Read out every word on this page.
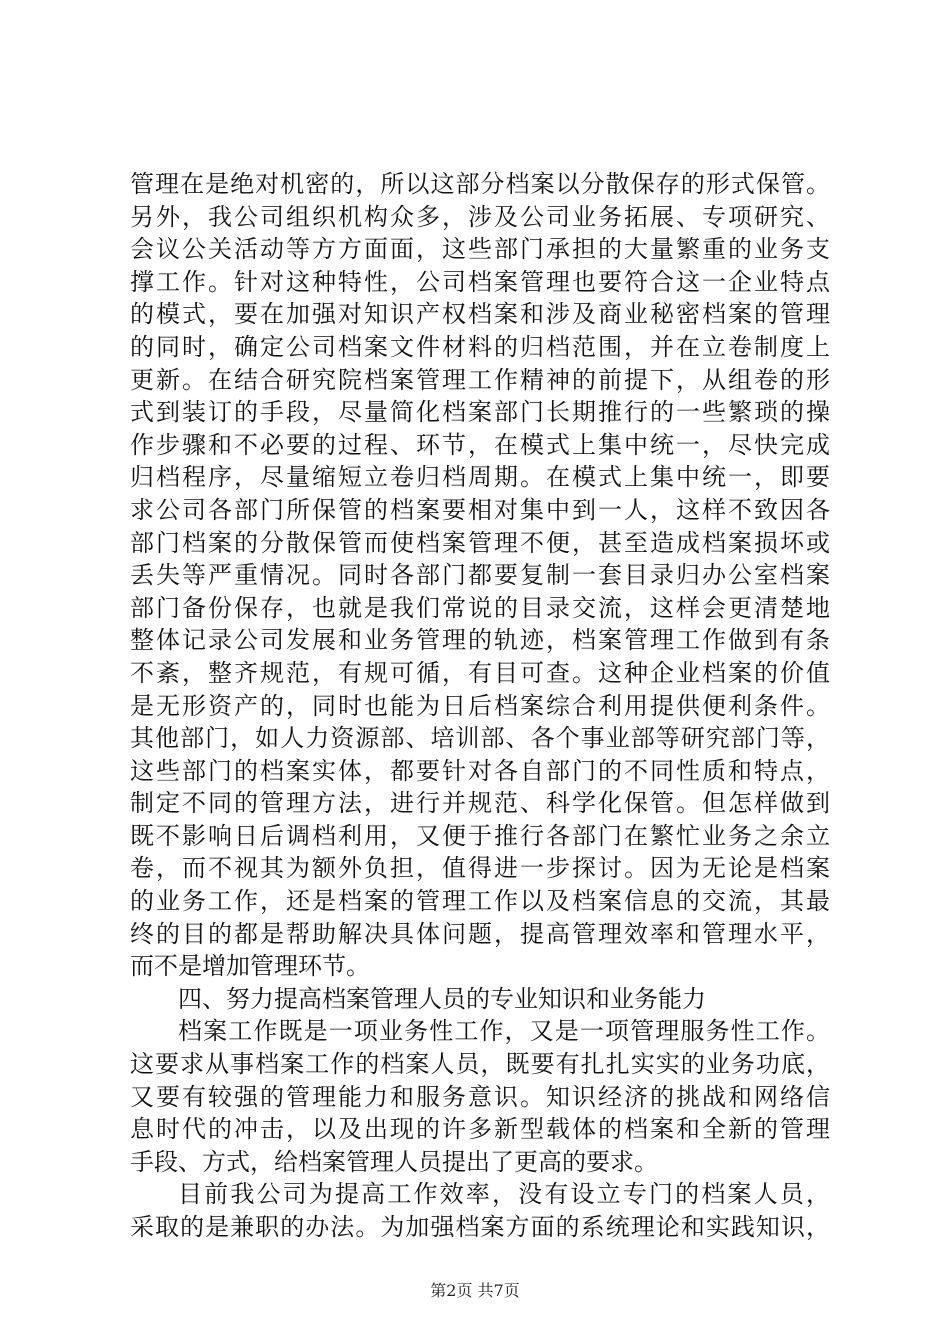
管理在是绝对机密的，所以这部分档案以分散保存的形式保管。
另外，我公司组织机构众多，涉及公司业务拓展、专项研究、
会议公关活动等方方面面，这些部门承担的大量繁重的业务支
撑工作。针对这种特性，公司档案管理也要符合这一企业特点
的模式，要在加强对知识产权档案和涉及商业秘密档案的管理
的同时，确定公司档案文件材料的归档范围，并在立卷制度上
更新。在结合研究院档案管理工作精神的前提下，从组卷的形
式到装订的手段，尽量简化档案部门长期推行的一些繁琐的操
作步骤和不必要的过程、环节，在模式上集中统一，尽快完成
归档程序，尽量缩短立卷归档周期。在模式上集中统一，即要
求公司各部门所保管的档案要相对集中到一人，这样不致因各
部门档案的分散保管而使档案管理不便，甚至造成档案损坏或
丢失等严重情况。同时各部门都要复制一套目录归办公室档案
部门备份保存，也就是我们常说的目录交流，这样会更清楚地
整体记录公司发展和业务管理的轨迹，档案管理工作做到有条
不紊，整齐规范，有规可循，有目可查。这种企业档案的价值
是无形资产的，同时也能为日后档案综合利用提供便利条件。
其他部门，如人力资源部、培训部、各个事业部等研究部门等，
这些部门的档案实体，都要针对各自部门的不同性质和特点，
制定不同的管理方法，进行并规范、科学化保管。但怎样做到
既不影响日后调档利用，又便于推行各部门在繁忙业务之余立
卷，而不视其为额外负担，值得进一步探讨。因为无论是档案
的业务工作，还是档案的管理工作以及档案信息的交流，其最
终的目的都是帮助解决具体问题，提高管理效率和管理水平，
而不是增加管理环节。
四、努力提高档案管理人员的专业知识和业务能力
档案工作既是一项业务性工作，又是一项管理服务性工作。
这要求从事档案工作的档案人员，既要有扎扎实实的业务功底，
又要有较强的管理能力和服务意识。知识经济的挑战和网络信
息时代的冲击，以及出现的许多新型载体的档案和全新的管理
手段、方式，给档案管理人员提出了更高的要求。
目前我公司为提高工作效率，没有设立专门的档案人员，
采取的是兼职的办法。为加强档案方面的系统理论和实践知识，
第2页 共7页
